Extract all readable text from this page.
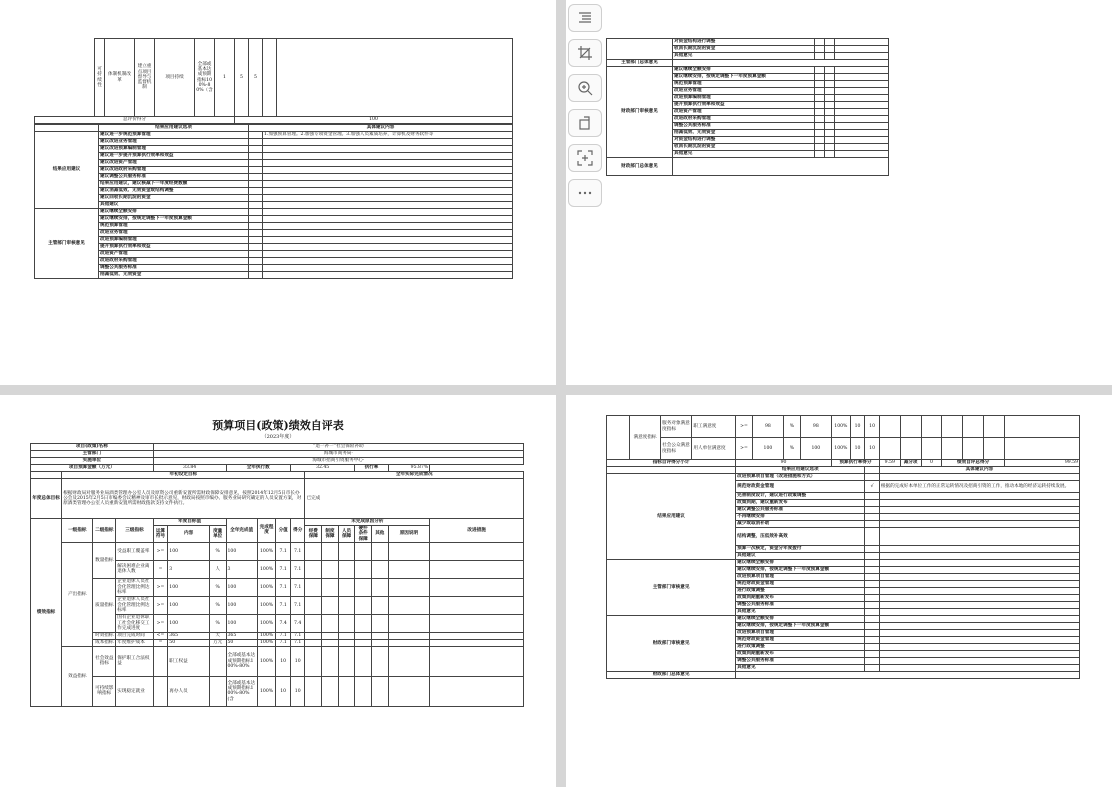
	可持续性	体制机制改革	建立重点项目督导与监督机制	项目持续	全部或基本达成预期指标100%-80%（含	1	5	5		
总评价得分							100			
	结果应用建议选项	具体建议内容	
结果应用建议	建议进一步规范预算管理		1.加强预算管理。2.加强专项资金管理。3.加强人员素质培养，计算机及财务软件等
	建议改进业务管理		
	建议改进预算编制管理		
	建议进一步提升预算执行效率和效益		
	建议改进资产管理		
	建议改进政府采购管理		
	建议调整公共服务标准		
	结果应用建议，建议核减下一年度经费数额		
	建议消减低效、无效资金或结构调整		
	建议回收长期沉淀的资金		
	其他建议		
主管部门审核意见	建议继续全额安排		
	建议继续安排，按规定调整下一年度预算金额		
	规范预算管理		
	改进业务管理		
	改进预算编制管理		
	提升预算执行效率和效益		
	改进资产管理		
	改进政府采购管理		
	调整公共服务标准		
	削减低效、无效资金		
	对资金结构进行调整			
	收回长期沉淀的资金			
	其他意见			
主管部门总体意见				
财政部门审核意见	建议继续全额安排			
	建议继续安排，按规定调整下一年度预算金额			
	规范预算管理			
	改进业务管理			
	改进预算编制管理			
	提升预算执行效率和效益			
	改进资产管理			
	改进政府采购管理			
	调整公共服务标准			
	削减低效、无效资金			
	对资金结构进行调整			
	收回长期沉淀的资金			
	其他意见			
财政部门总体意见				
预算项目(政策)绩效自评表
（2023年度）
项目(政策)名称				“退一补一”社会保险补助													
主管部门				海城市商务局·													
实施单位				海城市招商引资服务中心·													
项目预算金额（万元）				33.84			全年执行数			32.45				执行率		95.87%	
	年初设定目标										全年实际完成情况						
年度总体目标	根据财政局对服务业局酒类管理办公室人员及原资公司重新安置所需财政保障安排意见，按照2014年12月5日市长办公会及2015年2月5日市编委会议精神及审市长批示意见，财政局按照市编办、服务业局研究确定的人员安置方案，对原酒类管理办公室人员重新安置所需财政拨款支持文件执行。										已完成						
绩效指标	一级指标	二级指标	三级指标	年度目标值			全年完成值	完成程度	分值	得分	未完成原因分析						改进措施
				运算符号	内容	度量单位					经费保障	制度保障	人员保障	硬件条件保障	其他	原因说明	
	产出指标	数量指标	受益职工覆盖率	>=	100	%	100	100%	7.1	7.1							
			解决困难企业离退休人数	=	3	人	3	100%	7.1	7.1							
		质量指标	企业退休人员社会化管理比例达标率	>=	100	%	100	100%	7.1	7.1							
			企业退休人员社会化管理比例达标率	>=	100	%	100	100%	7.1	7.1							
			国有企业退休职工社会化移交工作完成进度	>=	100	%	100	100%	7.4	7.4							
		时效指标	项目完成时间	<=	365	天	365	100%	7.1	7.1							
		成本指标	年度维护成本	=	50	万元	50	100%	7.1	7.1							
	效益指标	社会效益指标	保护职工合法权益		职工权益		全部或基本达成预期指标100%-80%	100%	10	10							
		可持续影响指标	实现稳定就业		再办人员		全部或基本达成预期指标100%-80%(含	100%	10	10							
	满意度指标	服务对象满意度指标	职工满意度	>=	98	%	98	100%	10	10							
		社会公众满意度指标	用人单位满意度	>=	100	%	100	100%	10	10							
指标自评得分小计				90				预算执行率得分			9.59	减分项	0	绩效自评总得分			99.59
				结果应用建议选项							具体建议内容						
结果应用建议				改进预算项目管理（改进措施和方式）													
				规范财政资金管理						√	根据的完成好本单位工作的正常运转情况及招商引资的工作，推动本地的经济运转持续发展。						
				完善制度设计，建议进行政策调整													
				政策到期，建议重新发布													
				建议调整公共服务标准													
				不再继续安排													
				减少或取消补助													
				结构调整，压低效补高效													
				预算一次核定，资金分年度拨付													
				其他建议													
主管部门审核意见				建议继续全额安排													
				建议继续安排，按规定调整下一年度预算金额													
				改进预算项目管理													
				规范财政资金管理													
				进行政策调整													
				政策到期重新发布													
				调整公共服务标准													
				其他意见													
财政部门审核意见				建议继续全额安排													
				建议继续安排，按规定调整下一年度预算金额													
				改进预算项目管理													
				规范财政资金管理													
				进行政策调整													
				政策到期重新发布													
				调整公共服务标准													
				其他意见													
财政部门总体意见																	
